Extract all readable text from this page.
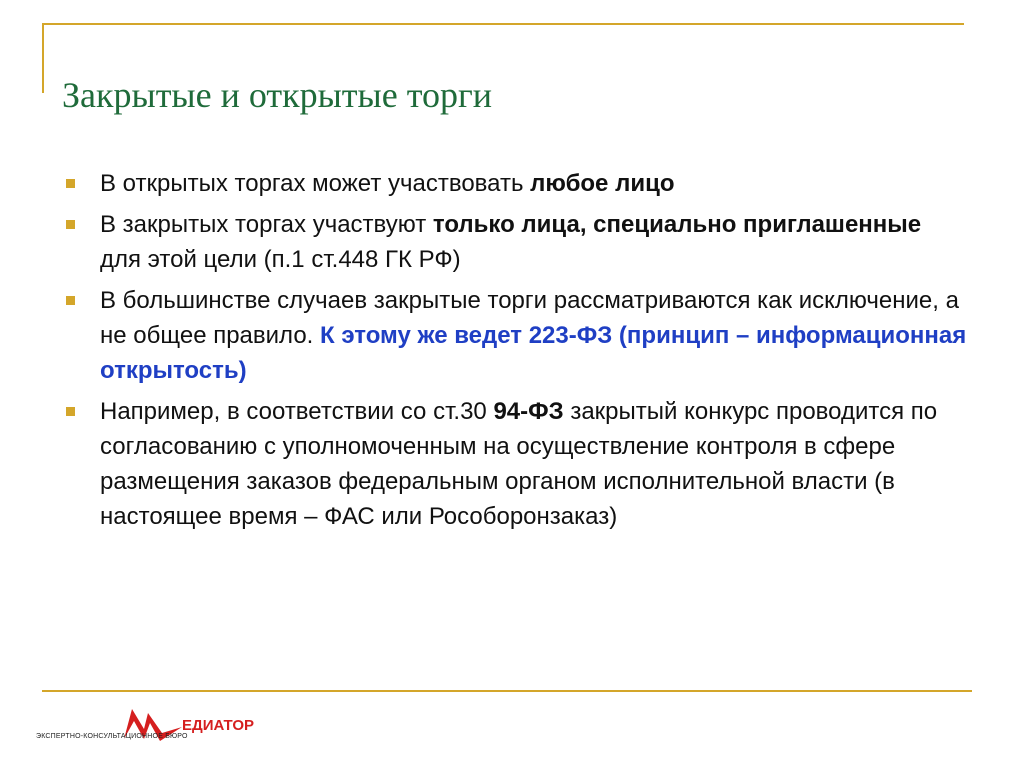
Закрытые и открытые торги
В открытых торгах может участвовать любое лицо
В закрытых торгах участвуют только лица, специально приглашенные для этой цели (п.1 ст.448 ГК РФ)
В большинстве случаев закрытые торги рассматриваются как исключение, а не общее правило. К этому же ведет 223-ФЗ (принцип – информационная открытость)
Например, в соответствии со ст.30 94-ФЗ закрытый конкурс проводится по согласованию с уполномоченным на осуществление контроля в сфере размещения заказов федеральным органом исполнительной власти (в настоящее время – ФАС или Рособоронзаказ)
ЕДИАТОР
ЭКСПЕРТНО-КОНСУЛЬТАЦИОННОЕ БЮРО
